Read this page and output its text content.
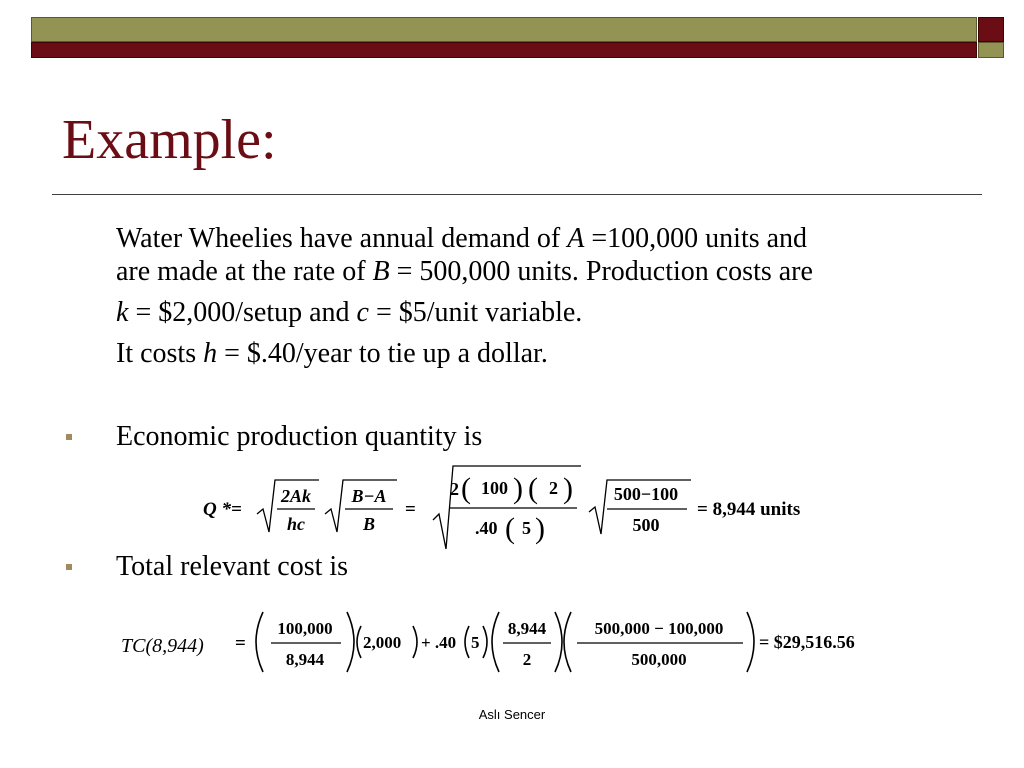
Example:

Water Wheelies have annual demand of A =100,000 units and

are made at the rate of B = 500,000 units. Production costs are

k = $2,000/setup and c = $5/unit variable.

It costs h = $.40/year to tie up a dollar.

Economic production quantity is
Q *=
2Ak
hc
B−A
B
=
2 ( 100 ) ( 2 )
.40 ( 5 )
500−100
500
= 8,944 units
Total relevant cost is
TC(8,944) =
100,000
8,944
2,000 + .40 5
8,944
2
500,000 − 100,000
500,000
= $29,516.56
Aslı Sencer
